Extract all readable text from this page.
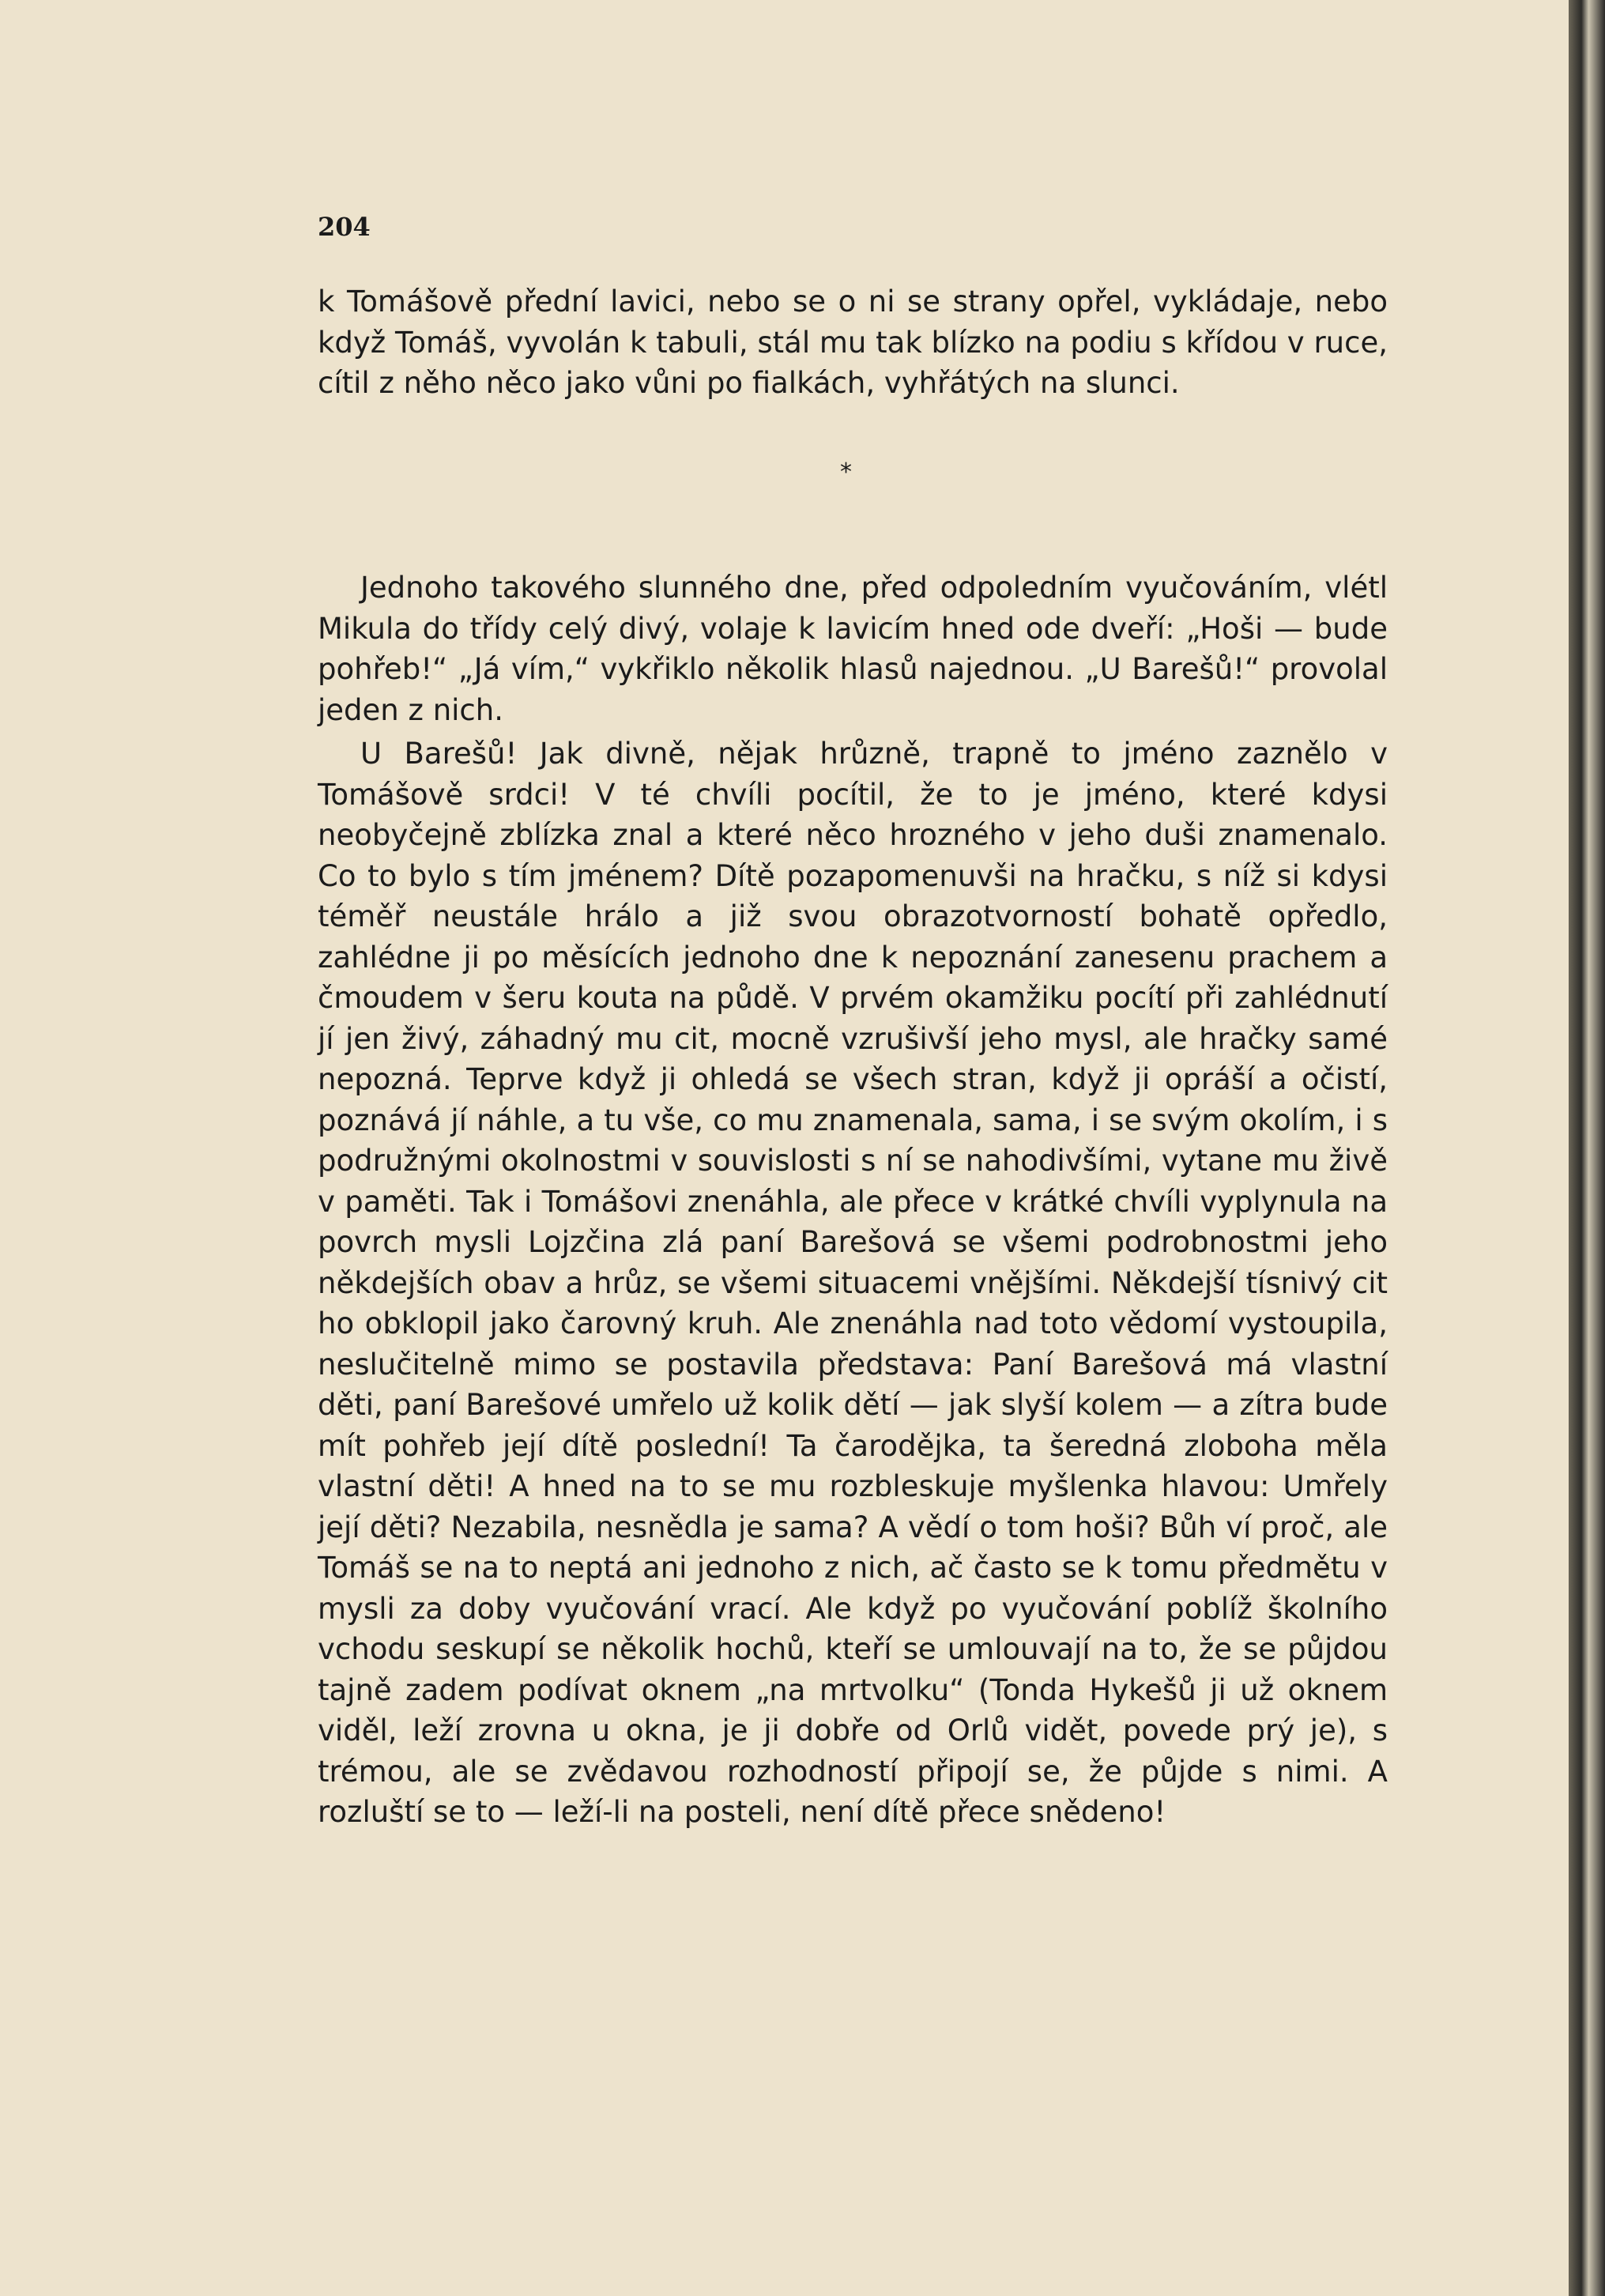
204

k Tomášově přední lavici, nebo se o ni se strany opřel, vykládaje, nebo když Tomáš, vyvolán k tabuli, stál mu tak blízko na podiu s křídou v ruce, cítil z něho něco jako vůni po fialkách, vyhřátých na slunci.

*

Jednoho takového slunného dne, před odpoledním vyučováním, vlétl Mikula do třídy celý divý, volaje k lavicím hned ode dveří: „Hoši — bude pohřeb!“ „Já vím,“ vykřiklo několik hlasů najednou. „U Barešů!“ provolal jeden z nich.

U Barešů! Jak divně, nějak hrůzně, trapně to jméno zaznělo v Tomášově srdci! V té chvíli pocítil, že to je jméno, které kdysi neobyčejně zblízka znal a které něco hrozného v jeho duši znamenalo. Co to bylo s tím jménem? Dítě pozapomenuvši na hračku, s níž si kdysi téměř neustále hrálo a již svou obrazotvorností bohatě opředlo, zahlédne ji po měsících jednoho dne k nepoznání zanesenu prachem a čmoudem v šeru kouta na půdě. V prvém okamžiku pocítí při zahlédnutí jí jen živý, záhadný mu cit, mocně vzrušivší jeho mysl, ale hračky samé nepozná. Teprve když ji ohledá se všech stran, když ji opráší a očistí, poznává jí náhle, a tu vše, co mu znamenala, sama, i se svým okolím, i s podružnými okolnostmi v souvislosti s ní se nahodivšími, vytane mu živě v paměti. Tak i Tomášovi znenáhla, ale přece v krátké chvíli vyplynula na povrch mysli Lojzčina zlá paní Barešová se všemi podrobnostmi jeho někdejších obav a hrůz, se všemi situacemi vnějšími. Někdejší tísnivý cit ho obklopil jako čarovný kruh. Ale znenáhla nad toto vědomí vystoupila, neslučitelně mimo se postavila představa: Paní Barešová má vlastní děti, paní Barešové umřelo už kolik dětí — jak slyší kolem — a zítra bude mít pohřeb její dítě poslední! Ta čarodějka, ta šeredná zloboha měla vlastní děti! A hned na to se mu rozbleskuje myšlenka hlavou: Umřely její děti? Nezabila, nesnědla je sama? A vědí o tom hoši? Bůh ví proč, ale Tomáš se na to neptá ani jednoho z nich, ač často se k tomu předmětu v mysli za doby vyučování vrací. Ale když po vyučování poblíž školního vchodu seskupí se několik hochů, kteří se umlouvají na to, že se půjdou tajně zadem podívat oknem „na mrtvolku“ (Tonda Hykešů ji už oknem viděl, leží zrovna u okna, je ji dobře od Orlů vidět, povede prý je), s trémou, ale se zvědavou rozhodností připojí se, že půjde s nimi. A rozluští se to — leží-li na posteli, není dítě přece snědeno!
